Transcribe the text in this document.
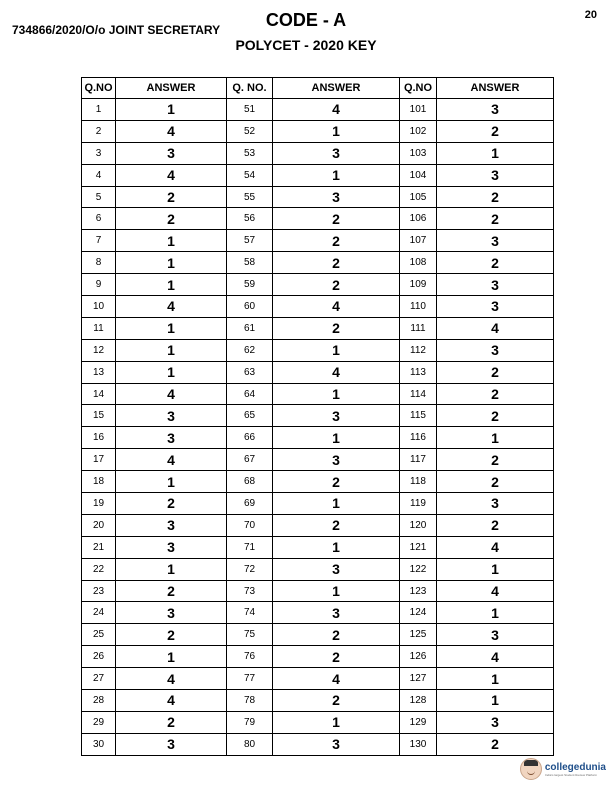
734866/2020/O/o JOINT SECRETARY	CODE - A
POLYCET - 2020 KEY
20
Q.NO	ANSWER	Q. NO.	ANSWER	Q.NO	ANSWER
1	1	51	4	101	3
2	4	52	1	102	2
3	3	53	3	103	1
4	4	54	1	104	3
5	2	55	3	105	2
6	2	56	2	106	2
7	1	57	2	107	3
8	1	58	2	108	2
9	1	59	2	109	3
10	4	60	4	110	3
11	1	61	2	111	4
12	1	62	1	112	3
13	1	63	4	113	2
14	4	64	1	114	2
15	3	65	3	115	2
16	3	66	1	116	1
17	4	67	3	117	2
18	1	68	2	118	2
19	2	69	1	119	3
20	3	70	2	120	2
21	3	71	1	121	4
22	1	72	3	122	1
23	2	73	1	123	4
24	3	74	3	124	1
25	2	75	2	125	3
26	1	76	2	126	4
27	4	77	4	127	1
28	4	78	2	128	1
29	2	79	1	129	3
30	3	80	3	130	2
collegedunia
India's largest Student Review Platform
